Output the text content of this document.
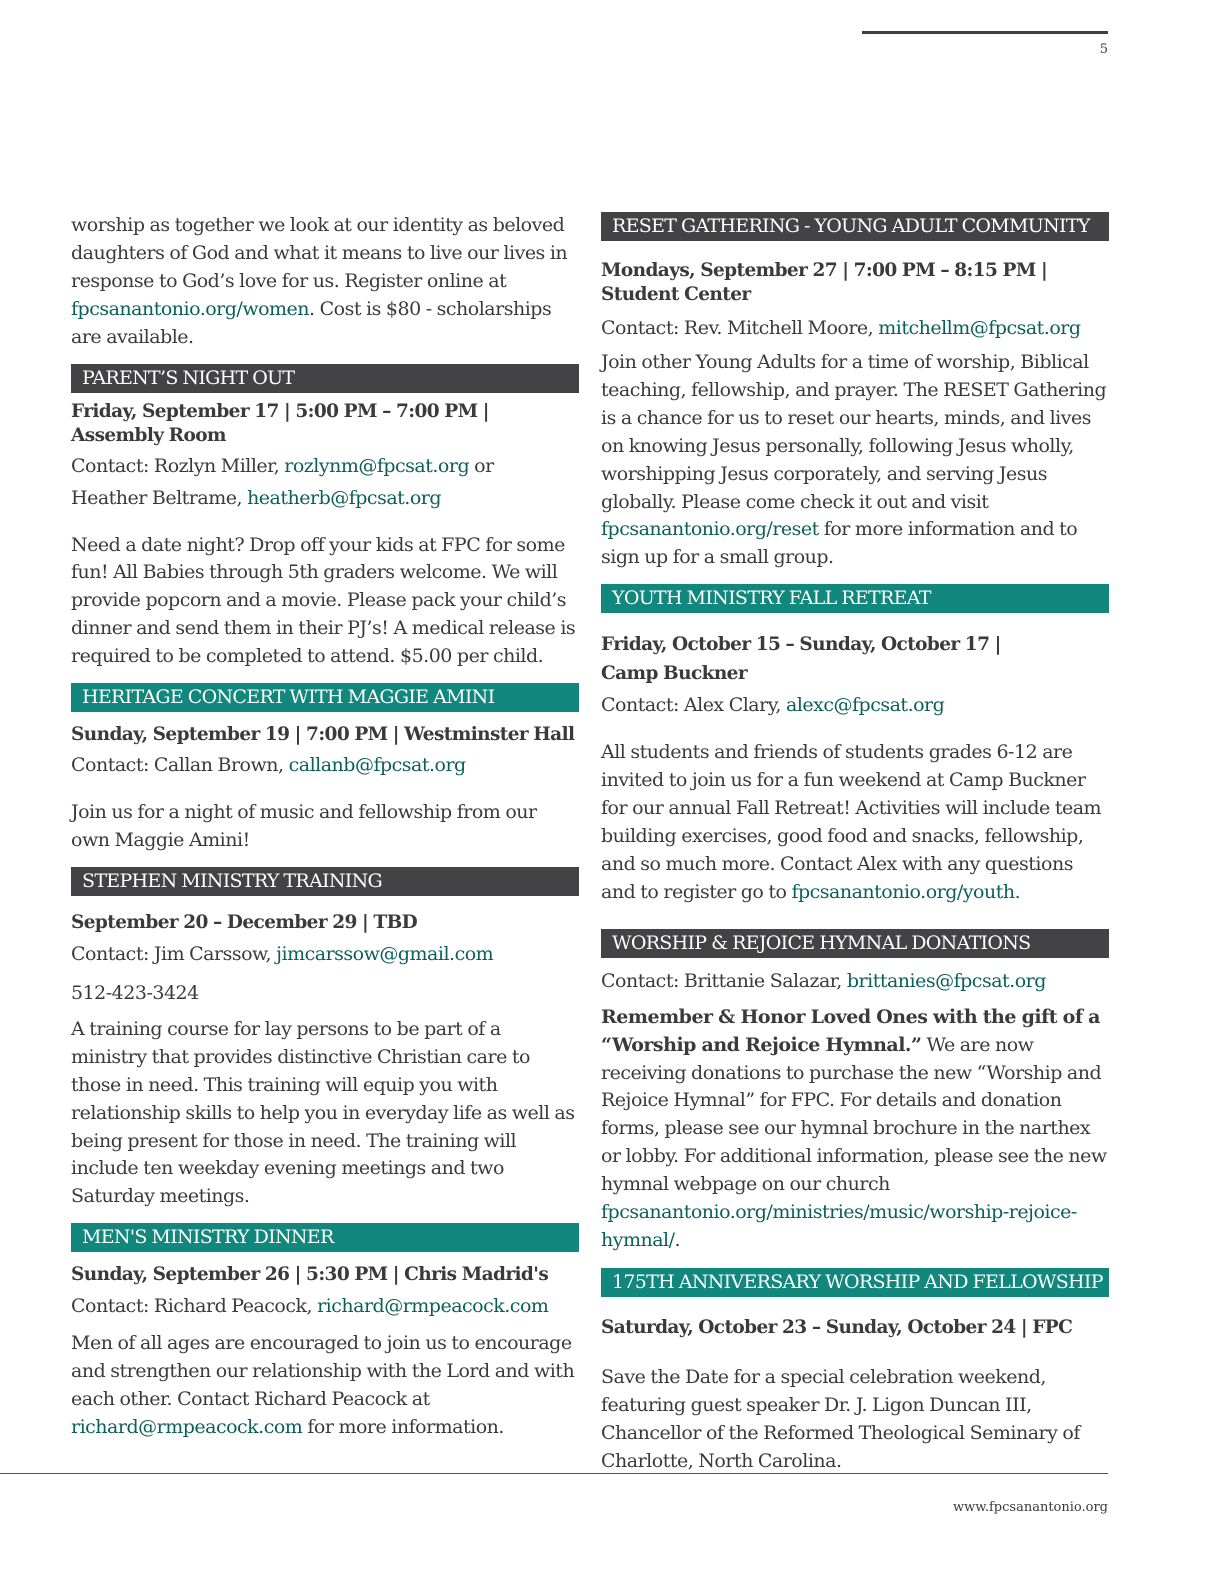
5

worship as together we look at our identity as beloved daughters of God and what it means to live our lives in response to God’s love for us. Register online at fpcsanantonio.org/women. Cost is $80 - scholarships are available.

PARENT’S NIGHT OUT

Friday, September 17 | 5:00 PM – 7:00 PM | Assembly Room

Contact: Rozlyn Miller, rozlynm@fpcsat.org or

Heather Beltrame, heatherb@fpcsat.org

Need a date night? Drop off your kids at FPC for some fun! All Babies through 5th graders welcome. We will provide popcorn and a movie. Please pack your child’s dinner and send them in their PJ’s! A medical release is required to be completed to attend. $5.00 per child.

HERITAGE CONCERT WITH MAGGIE AMINI

Sunday, September 19 | 7:00 PM | Westminster Hall

Contact: Callan Brown, callanb@fpcsat.org

Join us for a night of music and fellowship from our own Maggie Amini!

STEPHEN MINISTRY TRAINING

September 20 – December 29 | TBD

Contact: Jim Carssow, jimcarssow@gmail.com

512-423-3424

A training course for lay persons to be part of a ministry that provides distinctive Christian care to those in need. This training will equip you with relationship skills to help you in everyday life as well as being present for those in need. The training will include ten weekday evening meetings and two Saturday meetings.

MEN'S MINISTRY DINNER

Sunday, September 26 | 5:30 PM | Chris Madrid's

Contact: Richard Peacock, richard@rmpeacock.com

Men of all ages are encouraged to join us to encourage and strengthen our relationship with the Lord and with each other. Contact Richard Peacock at richard@rmpeacock.com for more information.

RESET GATHERING - YOUNG ADULT COMMUNITY

Mondays, September 27 | 7:00 PM – 8:15 PM | Student Center

Contact: Rev. Mitchell Moore, mitchellm@fpcsat.org

Join other Young Adults for a time of worship, Biblical teaching, fellowship, and prayer. The RESET Gathering is a chance for us to reset our hearts, minds, and lives on knowing Jesus personally, following Jesus wholly, worshipping Jesus corporately, and serving Jesus globally. Please come check it out and visit fpcsanantonio.org/reset for more information and to sign up for a small group.

YOUTH MINISTRY FALL RETREAT

Friday, October 15 – Sunday, October 17 |
Camp Buckner

Contact: Alex Clary, alexc@fpcsat.org

All students and friends of students grades 6-12 are invited to join us for a fun weekend at Camp Buckner for our annual Fall Retreat! Activities will include team building exercises, good food and snacks, fellowship, and so much more. Contact Alex with any questions and to register go to fpcsanantonio.org/youth.

WORSHIP & REJOICE HYMNAL DONATIONS

Contact: Brittanie Salazar, brittanies@fpcsat.org

Remember & Honor Loved Ones with the gift of a “Worship and Rejoice Hymnal.” We are now receiving donations to purchase the new “Worship and Rejoice Hymnal” for FPC. For details and donation forms, please see our hymnal brochure in the narthex or lobby. For additional information, please see the new hymnal webpage on our church fpcsanantonio.org/ministries/music/worship-rejoice-hymnal/.

175TH ANNIVERSARY WORSHIP AND FELLOWSHIP

Saturday, October 23 – Sunday, October 24 | FPC

Save the Date for a special celebration weekend, featuring guest speaker Dr. J. Ligon Duncan III, Chancellor of the Reformed Theological Seminary of Charlotte, North Carolina.

www.fpcsanantonio.org
